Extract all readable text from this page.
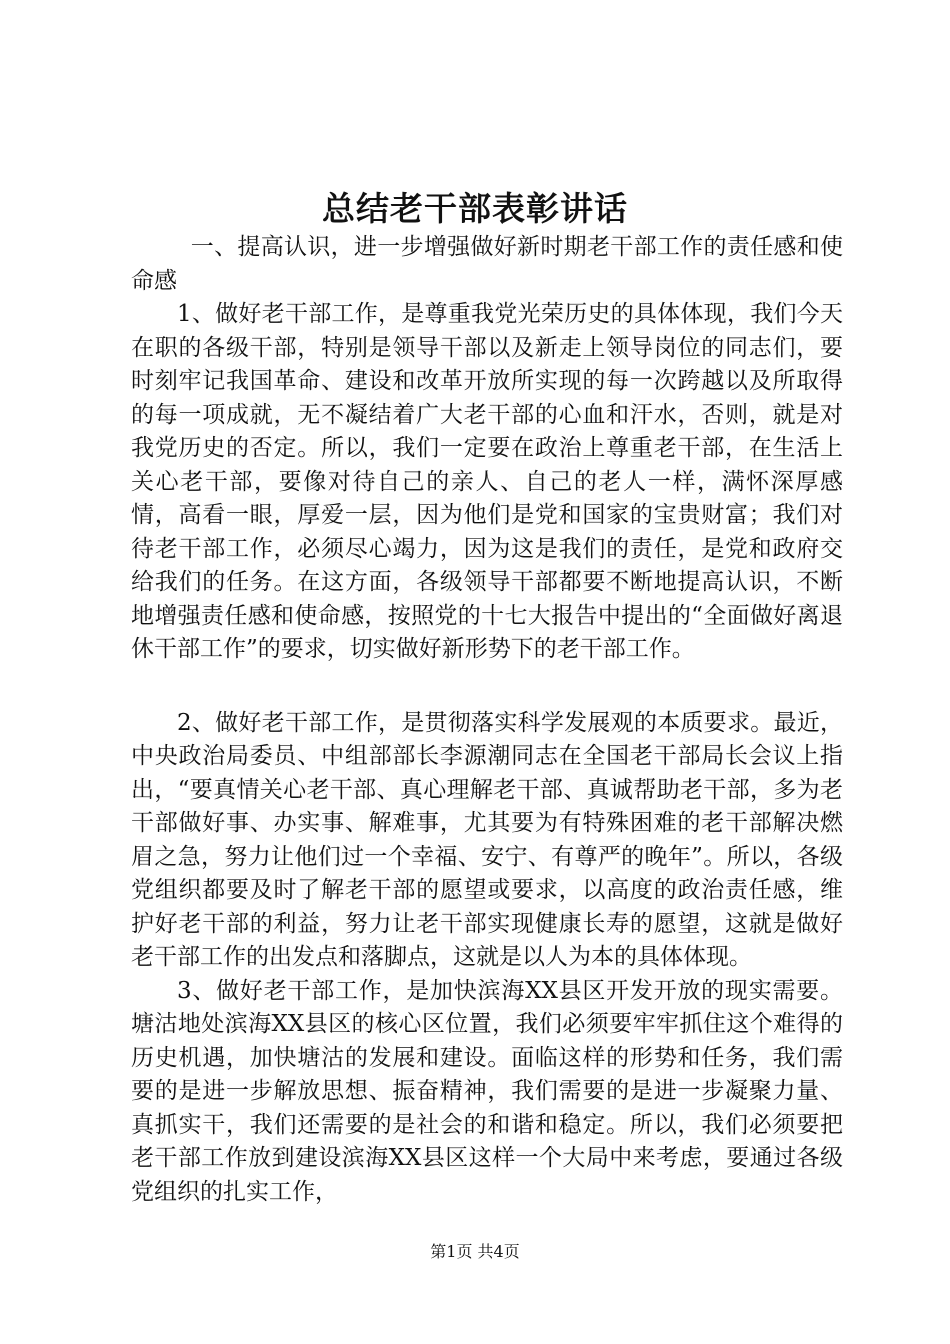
总结老干部表彰讲话

一、提高认识，进一步增强做好新时期老干部工作的责任感和使命感

1、做好老干部工作，是尊重我党光荣历史的具体体现，我们今天在职的各级干部，特别是领导干部以及新走上领导岗位的同志们，要时刻牢记我国革命、建设和改革开放所实现的每一次跨越以及所取得的每一项成就，无不凝结着广大老干部的心血和汗水，否则，就是对我党历史的否定。所以，我们一定要在政治上尊重老干部，在生活上关心老干部，要像对待自己的亲人、自己的老人一样，满怀深厚感情，高看一眼，厚爱一层，因为他们是党和国家的宝贵财富；我们对待老干部工作，必须尽心竭力，因为这是我们的责任，是党和政府交给我们的任务。在这方面，各级领导干部都要不断地提高认识，不断地增强责任感和使命感，按照党的十七大报告中提出的“全面做好离退休干部工作”的要求，切实做好新形势下的老干部工作。

2、做好老干部工作，是贯彻落实科学发展观的本质要求。最近，中央政治局委员、中组部部长李源潮同志在全国老干部局长会议上指出，“要真情关心老干部、真心理解老干部、真诚帮助老干部，多为老干部做好事、办实事、解难事，尤其要为有特殊困难的老干部解决燃眉之急，努力让他们过一个幸福、安宁、有尊严的晚年”。所以，各级党组织都要及时了解老干部的愿望或要求，以高度的政治责任感，维护好老干部的利益，努力让老干部实现健康长寿的愿望，这就是做好老干部工作的出发点和落脚点，这就是以人为本的具体体现。

3、做好老干部工作，是加快滨海XX县区开发开放的现实需要。塘沽地处滨海XX县区的核心区位置，我们必须要牢牢抓住这个难得的历史机遇，加快塘沽的发展和建设。面临这样的形势和任务，我们需要的是进一步解放思想、振奋精神，我们需要的是进一步凝聚力量、真抓实干，我们还需要的是社会的和谐和稳定。所以，我们必须要把老干部工作放到建设滨海XX县区这样一个大局中来考虑，要通过各级党组织的扎实工作，

第1页 共4页
